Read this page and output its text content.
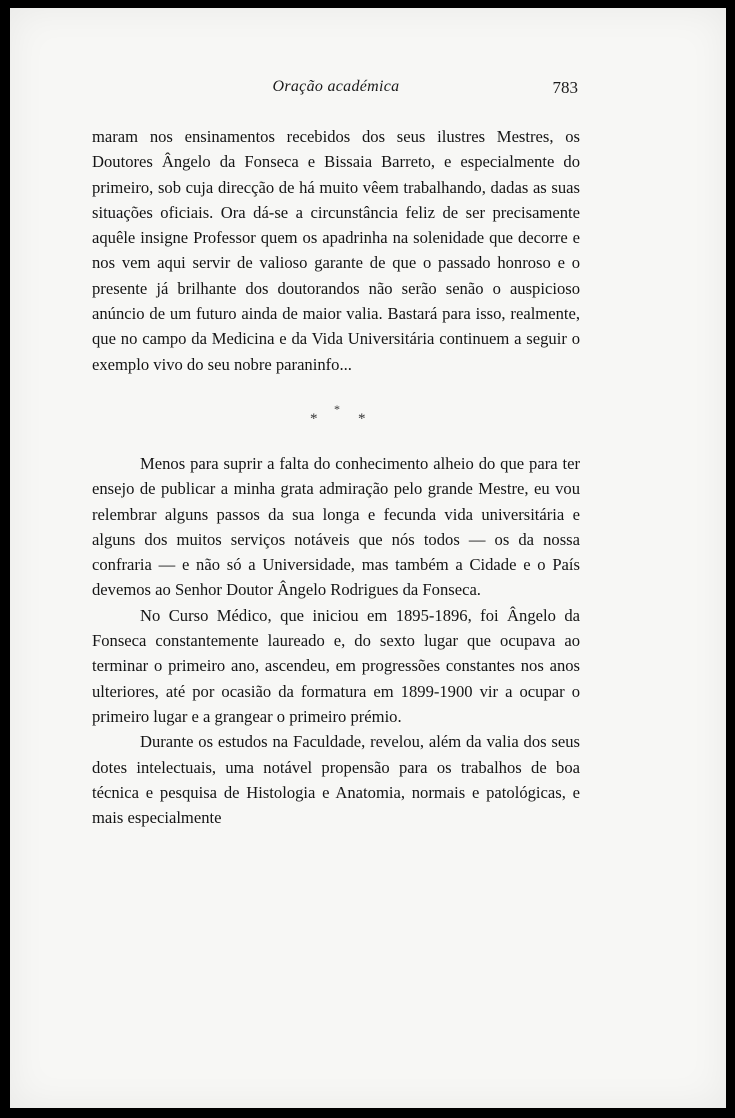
Oração académica	783

maram nos ensinamentos recebidos dos seus ilustres Mestres, os Doutores Ângelo da Fonseca e Bissaia Barreto, e especialmente do primeiro, sob cuja direcção de há muito vêem trabalhando, dadas as suas situações oficiais. Ora dá-se a circunstância feliz de ser precisamente aquêle insigne Professor quem os apadrinha na solenidade que decorre e nos vem aqui servir de valioso garante de que o passado honroso e o presente já brilhante dos doutorandos não serão senão o auspicioso anúncio de um futuro ainda de maior valia. Bastará para isso, realmente, que no campo da Medicina e da Vida Universitária continuem a seguir o exemplo vivo do seu nobre paraninfo...

*
*
*

Menos para suprir a falta do conhecimento alheio do que para ter ensejo de publicar a minha grata admiração pelo grande Mestre, eu vou relembrar alguns passos da sua longa e fecunda vida universitária e alguns dos muitos serviços notáveis que nós todos — os da nossa confraria — e não só a Universidade, mas também a Cidade e o País devemos ao Senhor Doutor Ângelo Rodrigues da Fonseca.

No Curso Médico, que iniciou em 1895-1896, foi Ângelo da Fonseca constantemente laureado e, do sexto lugar que ocupava ao terminar o primeiro ano, ascendeu, em progressões constantes nos anos ulteriores, até por ocasião da formatura em 1899-1900 vir a ocupar o primeiro lugar e a grangear o primeiro prémio.

Durante os estudos na Faculdade, revelou, além da valia dos seus dotes intelectuais, uma notável propensão para os trabalhos de boa técnica e pesquisa de Histologia e Anatomia, normais e patológicas, e mais especialmente
